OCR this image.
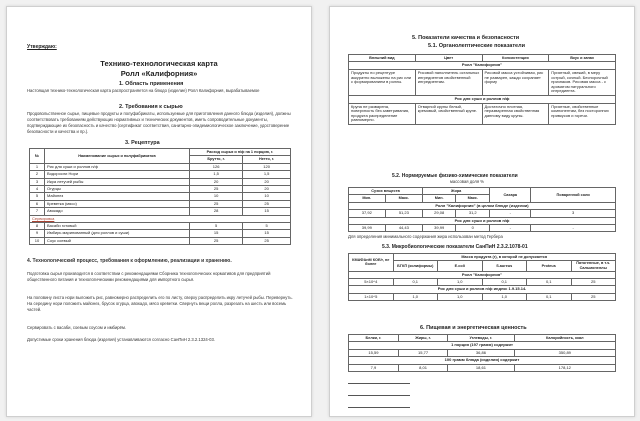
Утверждаю:

Технико-технологическая карта

Ролл «Калифорния»

1. Область применения

Настоящая технико-технологическая карта распространяется на блюдо (изделие) Ролл Калифорния, вырабатываемое

2. Требования к сырью

Продовольственное сырье, пищевые продукты и полуфабрикаты, используемые для приготовления данного блюда (изделия), должны соответствовать требованиям действующих нормативных и технических документов, иметь сопроводительные документы, подтверждающие их безопасность и качество (сертификат соответствия, санитарно-эпидемиологическое заключение, удостоверение безопасности и качества и пр.).

3. Рецептура

№	Наименование сырья и полуфабрикатов	Расход сырья и п/ф на 1 порцию, г.	
		Брутто, г.	Нетто, г.
1	Рис для суши и роллов п/ф	126	120
2	Водоросли Нори	1,5	1,5
3	Икра летучей рыбы	20	20
4	Огурцы	25	20
5	Майонез	10	10
6	Креветка (мясо)	25	25
7	Авокадо	28	15
Сервировка			
8	Васаби готовый	5	5
9	Имбирь маринованный (для роллов и суши)	15	15
10	Соус соевый	25	25

4. Технологический процесс, требования к оформлению, реализации и хранению.

Подготовка сырья производится в соответствии с рекомендациями Сборника технологических нормативов для предприятий общественного питания и технологическими рекомендациями для импортного сырья.

На половину листа нори выложить рис, равномерно распределить его по листу, сверху распределить икру летучей рыбы. Перевернуть. На середину нори положить майонез, брусок огурца, авокадо, мясо креветки. Свернуть вещи ролла, разрезать на шесть или восемь частей.

Сервировать с васаби, соевым соусом и имбирём.

Допустимые сроки хранения блюда (изделия) устанавливаются согласно СанПиН 2.3.2.1324-03.

5. Показатели качества и безопасности

5.1. Органолептические показатели

Внешний вид	Цвет	Консистенция	Вкус и запах
Ролл "Калифорния"			
Продукты по рецептуре аккуратно выложены на рис или с формированием в роллы.	Рисовой наполнитель остальных ингредиентов свойственный ингредиентам.	Рисовой масса устойчивая, рис не разварен, каждо сохраняет форму	Приятный, свежий, в меру острый, сочный. Беспорочный признаков. Рисовая масса - с ароматом натурального ингредиента.
Рис для суши и роллов п/ф			
Крупа не разварена, поверхность без заветривания, продукта распределение равномерно.	Отварной крупы белый, кремовый, свойственный крупе.	Достаточно плотная, неразваренная свойственная данному виду крупы.	Приятные, свойственные компонентам, без посторонних привкусов и горечи.

5.2. Нормируемые физико-химические показатели

массовая доля %

Сухих веществ		Жира		Сахара	Поваренной соли
Мин.	Макс.	Мин.	Макс.		
Ролл "Калифорния" (в целом блюде (изделии)					
37,92	51,23	29,08	31,2	-	3
Рис для суши и роллов п/ф					
39,99	44,43	39,99	0	-	-

Для определения минимального содержания жира использован метод Гербера

5.3. Микробиологические показатели СанПиН 2.3.2.1078-01

КМАФАнМ КОЕ/г, не более	Масса продукта (г), в которой не допускается				
	БГКП (колиформы)	E.coli	S.aureus	Proteus	Патогенные, в т.ч. Сальмонеллы
Ролл "Калифорния"					
5×10^4	0,1	1,0	0,1	0,1	25
Рис для суши и роллов п/ф индекс 1.9.15.14.					
1×10^5	1,0	1,0	1,0	0,1	25

6. Пищевая и энергетическая ценность

Белки, г.	Жиры, г.	Углеводы, г.	Калорийность, ккал
1 порция (197 грамм) содержит			
15,59	15,77	36,86	350,89
100 грамм блюда (изделия) содержит			
7,9	8,01	18,61	178,12
